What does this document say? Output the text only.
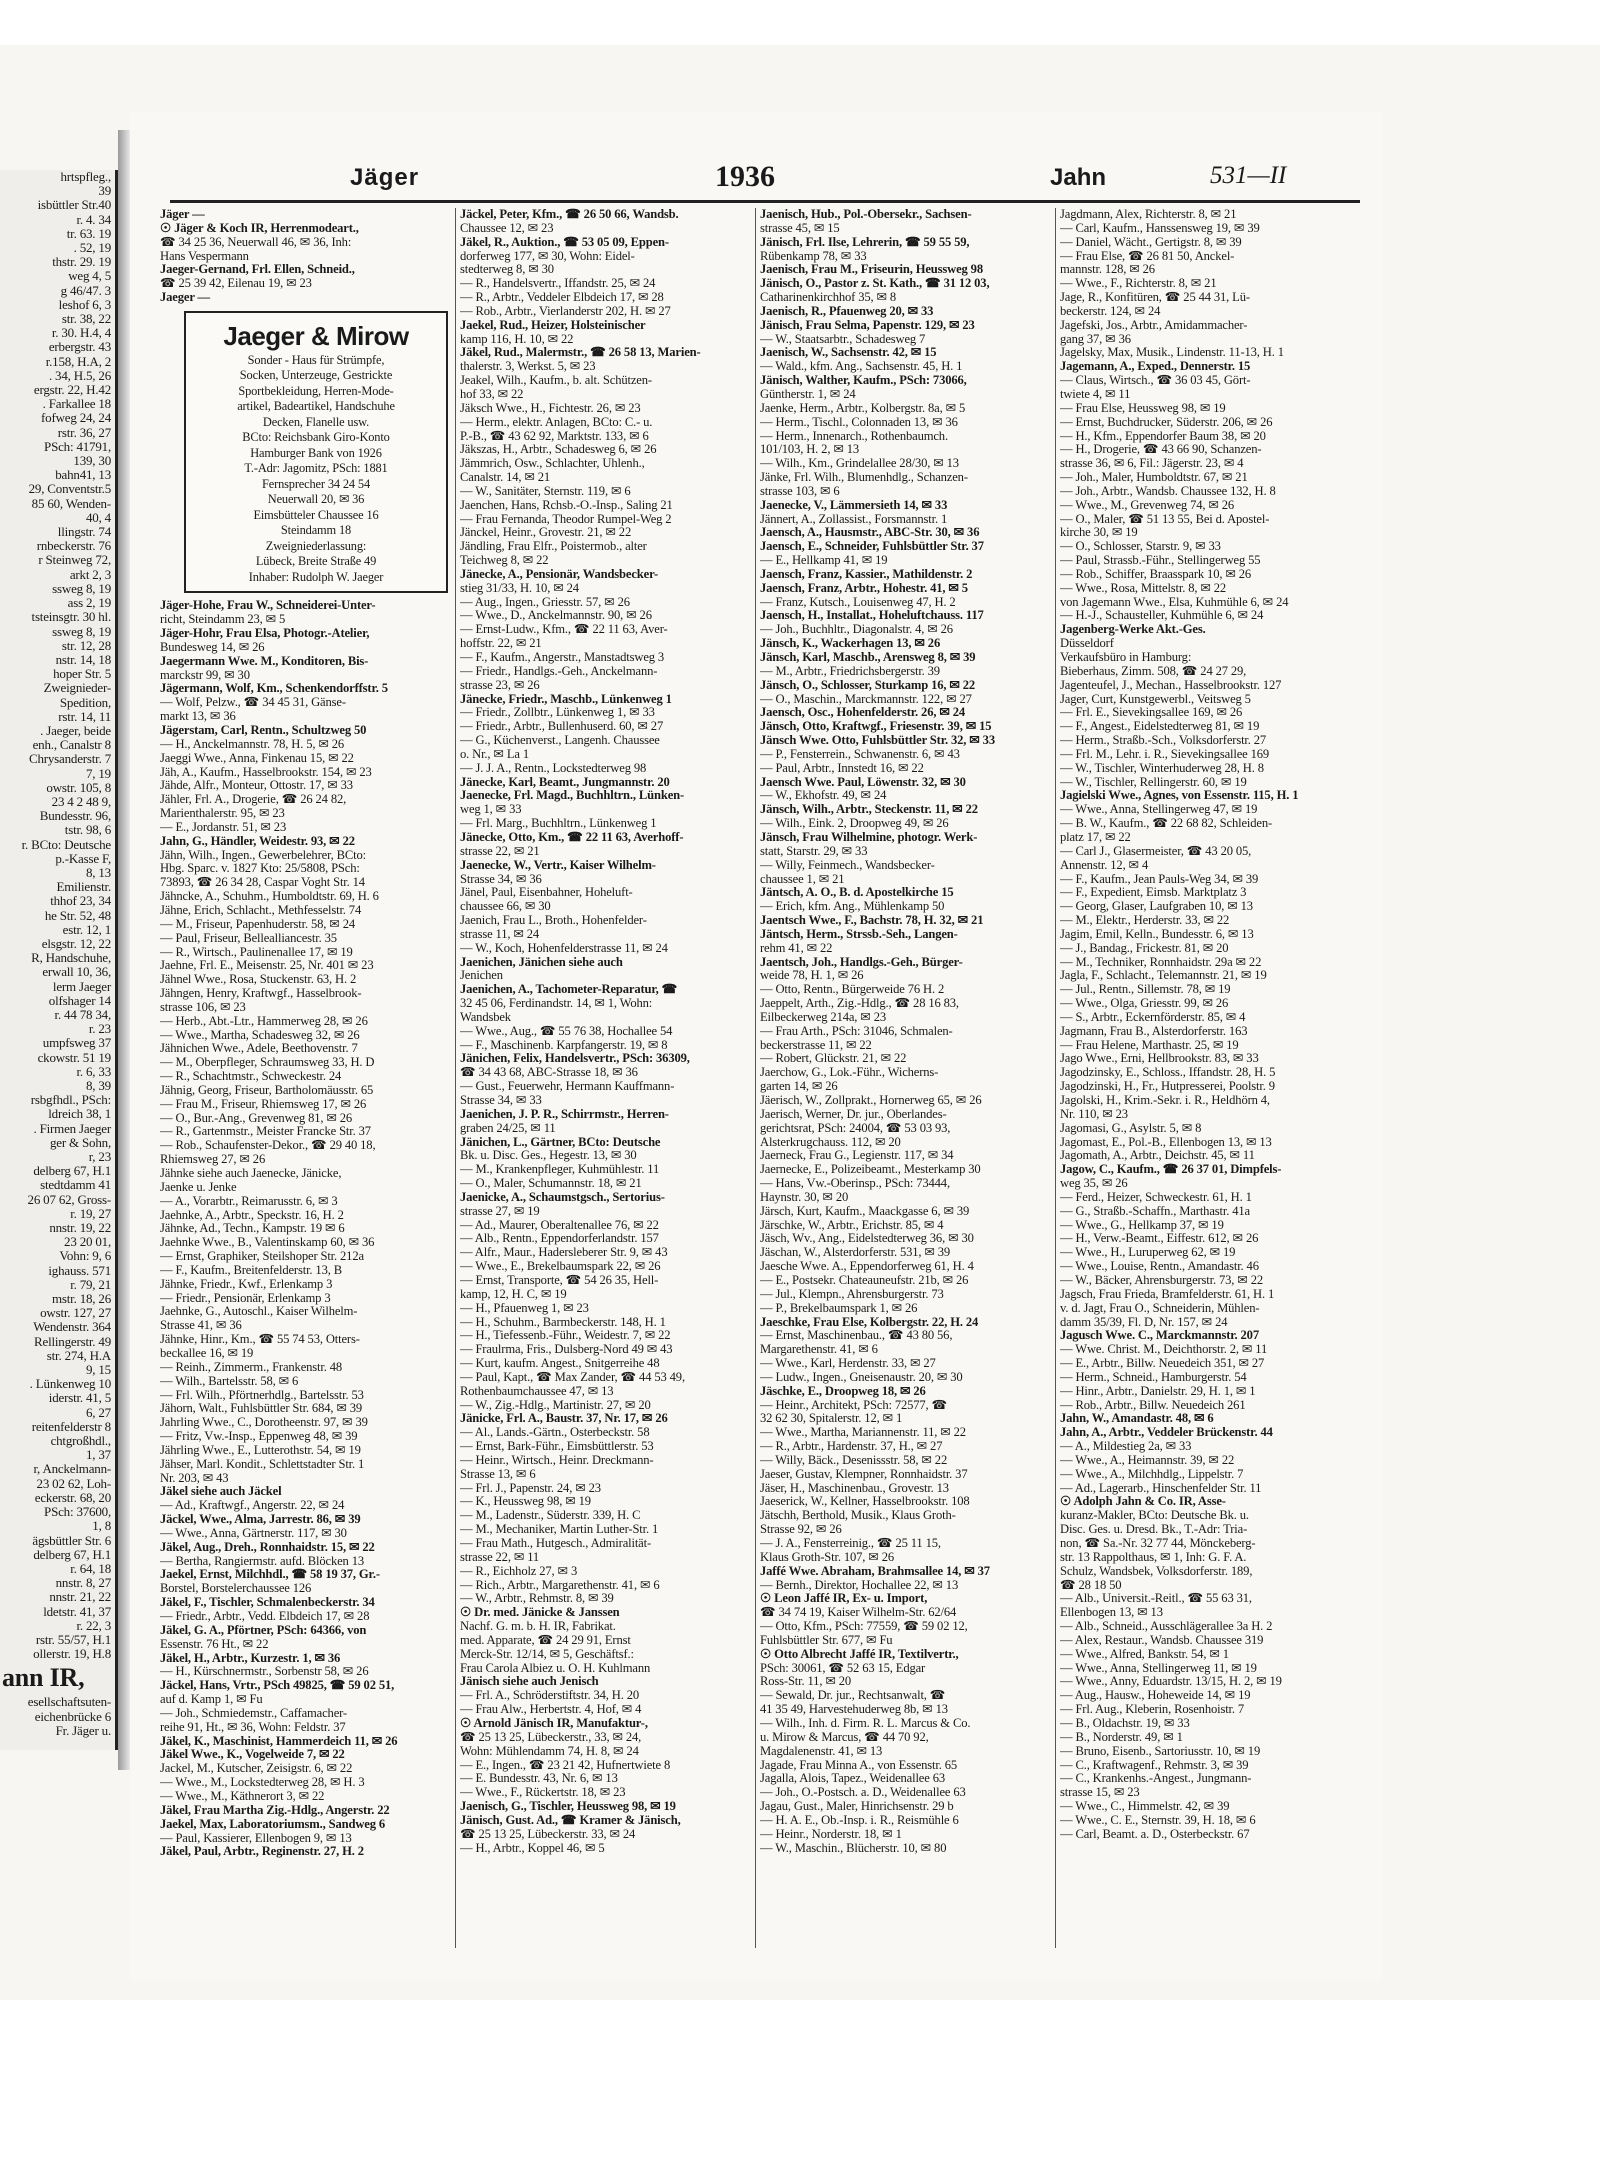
hrtspfleg.,
39
isbüttler Str.40
r. 4. 34
tr. 63. 19
. 52, 19
thstr. 29. 19
weg 4, 5
g 46/47. 3
leshof 6, 3
str. 38, 22
r. 30. H.4, 4
erbergstr. 43
r.158, H.A, 2
. 34, H.5, 26
ergstr. 22, H.42
. Farkallee 18
fofweg 24, 24
rstr. 36, 27
PSch: 41791,
139, 30
bahn41, 13
29, Conventstr.5
85 60, Wenden-
40, 4
llingstr. 74
rnbeckerstr. 76
r Steinweg 72,
arkt 2, 3
ssweg 8, 19
ass 2, 19
tsteinsgtr. 30 hl.
ssweg 8, 19
str. 12, 28
nstr. 14, 18
hoper Str. 5
Zweignieder-
Spedition,
rstr. 14, 11
. Jaeger, beide
enh., Canalstr 8
Chrysanderstr. 7
7, 19
owstr. 105, 8
23 4 2 48 9,
Bundesstr. 96,
tstr. 98, 6
r. BCto: Deutsche
p.-Kasse F,
8, 13
Emilienstr.
thhof 23, 34
he Str. 52, 48
estr. 12, 1
elsgstr. 12, 22
R, Handschuhe,
erwall 10, 36,
lerm Jaeger
olfshager 14
r. 44 78 34,
r. 23
umpfsweg 37
ckowstr. 51 19
r. 6, 33
8, 39
rsbgfhdl., PSch:
ldreich 38, 1
. Firmen Jaeger
ger & Sohn,
r, 23
delberg 67, H.1
stedtdamm 41
26 07 62, Gross-
r. 19, 27
nnstr. 19, 22
23 20 01,
Vohn: 9, 6
ighauss. 571
r. 79, 21
mstr. 18, 26
owstr. 127, 27
Wendenstr. 364
Rellingerstr. 49
str. 274, H.A
9, 15
. Lünkenweg 10
iderstr. 41, 5
6, 27
reitenfelderstr 8
chtgroßhdl.,
1, 37
r, Anckelmann-
23 02 62, Loh-
eckerstr. 68, 20
PSch: 37600,
1, 8
ägsbüttler Str. 6
delberg 67, H.1
r. 64, 18
nnstr. 8, 27
nnstr. 21, 22
ldetstr. 41, 37
r. 22, 3
rstr. 55/57, H.1
ollerstr. 19, H.8
ann IR,
esellschaftsuten-
eichenbrücke 6
Fr. Jäger u.
Jäger	1936	Jahn	531—II
Jäger —
☉ Jäger & Koch IR, Herrenmodeart.,
☎ 34 25 36, Neuerwall 46, ✉ 36, Inh:
Hans Vespermann
Jaeger-Gernand, Frl. Ellen, Schneid.,
☎ 25 39 42, Eilenau 19, ✉ 23
Jaeger —
Jaeger & Mirow
Sonder - Haus für Strümpfe,
Socken, Unterzeuge, Gestrickte
Sportbekleidung, Herren-Mode-
artikel, Badeartikel, Handschuhe
Decken, Flanelle usw.
BCto: Reichsbank Giro-Konto
Hamburger Bank von 1926
T.-Adr: Jagomitz, PSch: 1881
Fernsprecher 34 24 54
Neuerwall 20, ✉ 36
Eimsbütteler Chaussee 16
Steindamm 18
Zweigniederlassung:
Lübeck, Breite Straße 49
Inhaber: Rudolph W. Jaeger
Jäger-Hohe, Frau W., Schneiderei-Unter-
richt, Steindamm 23, ✉ 5
Jäger-Hohr, Frau Elsa, Photogr.-Atelier,
Bundesweg 14, ✉ 26
Jaegermann Wwe. M., Konditoren, Bis-
marckstr 99, ✉ 30
Jägermann, Wolf, Km., Schenkendorffstr. 5
— Wolf, Pelzw., ☎ 34 45 31, Gänse-
markt 13, ✉ 36
Jägerstam, Carl, Rentn., Schultzweg 50
— H., Anckelmannstr. 78, H. 5, ✉ 26
Jaeggi Wwe., Anna, Finkenau 15, ✉ 22
Jäh, A., Kaufm., Hasselbrookstr. 154, ✉ 23
Jähde, Alfr., Monteur, Ottostr. 17, ✉ 33
Jähler, Frl. A., Drogerie, ☎ 26 24 82,
Marienthalerstr. 95, ✉ 23
— E., Jordanstr. 51, ✉ 23
Jahn, G., Händler, Weidestr. 93, ✉ 22
Jähn, Wilh., Ingen., Gewerbelehrer, BCto:
Hbg. Sparc. v. 1827 Kto: 25/5808, PSch:
73893, ☎ 26 34 28, Caspar Voght Str. 14
Jähncke, A., Schuhm., Humboldtstr. 69, H. 6
Jähne, Erich, Schlacht., Methfesselstr. 74
— M., Friseur, Papenhuderstr. 58, ✉ 24
— Paul, Friseur, Bellealliancestr. 35
— R., Wirtsch., Paulinenallee 17, ✉ 19
Jaehne, Frl. E., Meisenstr. 25, Nr. 401 ✉ 23
Jähnel Wwe., Rosa, Stuckenstr. 63, H. 2
Jähngen, Henry, Kraftwgf., Hasselbrook-
strasse 106, ✉ 23
— Herb., Abt.-Ltr., Hammerweg 28, ✉ 26
— Wwe., Martha, Schadesweg 32, ✉ 26
Jähnichen Wwe., Adele, Beethovenstr. 7
— M., Oberpfleger, Schraumsweg 33, H. D
— R., Schachtmstr., Schweckestr. 24
Jähnig, Georg, Friseur, Bartholomäusstr. 65
— Frau M., Friseur, Rhiemsweg 17, ✉ 26
— O., Bur.-Ang., Grevenweg 81, ✉ 26
— R., Gartenmstr., Meister Francke Str. 37
— Rob., Schaufenster-Dekor., ☎ 29 40 18,
Rhiemsweg 27, ✉ 26
Jähnke siehe auch Jaenecke, Jänicke,
Jaenke u. Jenke
— A., Vorarbtr., Reimarusstr. 6, ✉ 3
Jaehnke, A., Arbtr., Speckstr. 16, H. 2
Jähnke, Ad., Techn., Kampstr. 19 ✉ 6
Jaehnke Wwe., B., Valentinskamp 60, ✉ 36
— Ernst, Graphiker, Steilshoper Str. 212a
— F., Kaufm., Breitenfelderstr. 13, B
Jähnke, Friedr., Kwf., Erlenkamp 3
— Friedr., Pensionär, Erlenkamp 3
Jaehnke, G., Autoschl., Kaiser Wilhelm-
Strasse 41, ✉ 36
Jähnke, Hinr., Km., ☎ 55 74 53, Otters-
beckallee 16, ✉ 19
— Reinh., Zimmerm., Frankenstr. 48
— Wilh., Bartelsstr. 58, ✉ 6
— Frl. Wilh., Pförtnerhdlg., Bartelsstr. 53
Jähorn, Walt., Fuhlsbüttler Str. 684, ✉ 39
Jahrling Wwe., C., Dorotheenstr. 97, ✉ 39
— Fritz, Vw.-Insp., Eppenweg 48, ✉ 39
Jährling Wwe., E., Lutterothstr. 54, ✉ 19
Jähser, Marl. Kondit., Schlettstadter Str. 1
Nr. 203, ✉ 43
Jäkel siehe auch Jäckel
— Ad., Kraftwgf., Angerstr. 22, ✉ 24
Jäckel, Wwe., Alma, Jarrestr. 86, ✉ 39
— Wwe., Anna, Gärtnerstr. 117, ✉ 30
Jäkel, Aug., Dreh., Ronnhaidstr. 15, ✉ 22
— Bertha, Rangiermstr. aufd. Blöcken 13
Jaekel, Ernst, Milchhdl., ☎ 58 19 37, Gr.-
Borstel, Borstelerchaussee 126
Jäkel, F., Tischler, Schmalenbeckerstr. 34
— Friedr., Arbtr., Vedd. Elbdeich 17, ✉ 28
Jäkel, G. A., Pförtner, PSch: 64366, von
Essenstr. 76 Ht., ✉ 22
Jäkel, H., Arbtr., Kurzestr. 1, ✉ 36
— H., Kürschnermstr., Sorbenstr 58, ✉ 26
Jäckel, Hans, Vrtr., PSch 49825, ☎ 59 02 51,
auf d. Kamp 1, ✉ Fu
— Joh., Schmiedemstr., Caffamacher-
reihe 91, Ht., ✉ 36, Wohn: Feldstr. 37
Jäkel, K., Maschinist, Hammerdeich 11, ✉ 26
Jäkel Wwe., K., Vogelweide 7, ✉ 22
Jackel, M., Kutscher, Zeisigstr. 6, ✉ 22
— Wwe., M., Lockstedterweg 28, ✉ H. 3
— Wwe., M., Käthnerort 3, ✉ 22
Jäkel, Frau Martha Zig.-Hdlg., Angerstr. 22
Jaekel, Max, Laboratoriumsm., Sandweg 6
— Paul, Kassierer, Ellenbogen 9, ✉ 13
Jäkel, Paul, Arbtr., Reginenstr. 27, H. 2
Jäckel, Peter, Kfm., ☎ 26 50 66, Wandsb.
Chaussee 12, ✉ 23
Jäkel, R., Auktion., ☎ 53 05 09, Eppen-
dorferweg 177, ✉ 30, Wohn: Eidel-
stedterweg 8, ✉ 30
— R., Handelsvertr., Iffandstr. 25, ✉ 24
— R., Arbtr., Veddeler Elbdeich 17, ✉ 28
— Rob., Arbtr., Vierlanderstr 202, H. ✉ 27
Jaekel, Rud., Heizer, Holsteinischer
kamp 116, H. 10, ✉ 22
Jäkel, Rud., Malermstr., ☎ 26 58 13, Marien-
thalerstr. 3, Werkst. 5, ✉ 23
Jeakel, Wilh., Kaufm., b. alt. Schützen-
hof 33, ✉ 22
Jäksch Wwe., H., Fichtestr. 26, ✉ 23
— Herm., elektr. Anlagen, BCto: C.- u.
P.-B., ☎ 43 62 92, Marktstr. 133, ✉ 6
Jäkszas, H., Arbtr., Schadesweg 6, ✉ 26
Jämmrich, Osw., Schlachter, Uhlenh.,
Canalstr. 14, ✉ 21
— W., Sanitäter, Sternstr. 119, ✉ 6
Jaenchen, Hans, Rchsb.-O.-Insp., Saling 21
— Frau Fernanda, Theodor Rumpel-Weg 2
Jänckel, Heinr., Grovestr. 21, ✉ 22
Jändling, Frau Elfr., Poistermob., alter
Teichweg 8, ✉ 22
Jänecke, A., Pensionär, Wandsbecker-
stieg 31/33, H. 10, ✉ 24
— Aug., Ingen., Griesstr. 57, ✉ 26
— Wwe., D., Anckelmannstr. 90, ✉ 26
— Ernst-Ludw., Kfm., ☎ 22 11 63, Aver-
hoffstr. 22, ✉ 21
— F., Kaufm., Angerstr., Manstadtsweg 3
— Friedr., Handlgs.-Geh., Anckelmann-
strasse 23, ✉ 26
Jänecke, Friedr., Maschb., Lünkenweg 1
— Friedr., Zollbtr., Lünkenweg 1, ✉ 33
— Friedr., Arbtr., Bullenhuserd. 60, ✉ 27
— G., Küchenverst., Langenh. Chaussee
o. Nr., ✉ La 1
— J. J. A., Rentn., Lockstedterweg 98
Jänecke, Karl, Beamt., Jungmannstr. 20
Jaenecke, Frl. Magd., Buchhltrn., Lünken-
weg 1, ✉ 33
— Frl. Marg., Buchhltrn., Lünkenweg 1
Jänecke, Otto, Km., ☎ 22 11 63, Averhoff-
strasse 22, ✉ 21
Jaenecke, W., Vertr., Kaiser Wilhelm-
Strasse 34, ✉ 36
Jänel, Paul, Eisenbahner, Hoheluft-
chaussee 66, ✉ 30
Jaenich, Frau L., Broth., Hohenfelder-
strasse 11, ✉ 24
— W., Koch, Hohenfelderstrasse 11, ✉ 24
Jaenichen, Jänichen siehe auch
Jenichen
Jaenichen, A., Tachometer-Reparatur, ☎
32 45 06, Ferdinandstr. 14, ✉ 1, Wohn:
Wandsbek
— Wwe., Aug., ☎ 55 76 38, Hochallee 54
— F., Maschinenb. Karpfangerstr. 19, ✉ 8
Jänichen, Felix, Handelsvertr., PSch: 36309,
☎ 34 43 68, ABC-Strasse 18, ✉ 36
— Gust., Feuerwehr, Hermann Kauffmann-
Strasse 34, ✉ 33
Jaenichen, J. P. R., Schirrmstr., Herren-
graben 24/25, ✉ 11
Jänichen, L., Gärtner, BCto: Deutsche
Bk. u. Disc. Ges., Hegestr. 13, ✉ 30
— M., Krankenpfleger, Kuhmühlestr. 11
— O., Maler, Schumannstr. 18, ✉ 21
Jaenicke, A., Schaumstgsch., Sertorius-
strasse 27, ✉ 19
— Ad., Maurer, Oberaltenallee 76, ✉ 22
— Alb., Rentn., Eppendorferlandstr. 157
— Alfr., Maur., Hadersleberer Str. 9, ✉ 43
— Wwe., E., Brekelbaumspark 22, ✉ 26
— Ernst, Transporte, ☎ 54 26 35, Hell-
kamp, 12, H. C, ✉ 19
— H., Pfauenweg 1, ✉ 23
— H., Schuhm., Barmbeckerstr. 148, H. 1
— H., Tiefessenb.-Führ., Weidestr. 7, ✉ 22
— Fraulrma, Fris., Dulsberg-Nord 49 ✉ 43
— Kurt, kaufm. Angest., Snitgerreihe 48
— Paul, Kapt., ☎ Max Zander, ☎ 44 53 49,
Rothenbaumchaussee 47, ✉ 13
— W., Zig.-Hdlg., Martinistr. 27, ✉ 20
Jänicke, Frl. A., Baustr. 37, Nr. 17, ✉ 26
— Al., Lands.-Gärtn., Osterbeckstr. 58
— Ernst, Bark-Führ., Eimsbüttlerstr. 53
— Heinr., Wirtsch., Heinr. Dreckmann-
Strasse 13, ✉ 6
— Frl. J., Papenstr. 24, ✉ 23
— K., Heussweg 98, ✉ 19
— M., Ladenstr., Süderstr. 339, H. C
— M., Mechaniker, Martin Luther-Str. 1
— Frau Math., Hutgesch., Admiralität-
strasse 22, ✉ 11
— R., Eichholz 27, ✉ 3
— Rich., Arbtr., Margarethenstr. 41, ✉ 6
— W., Arbtr., Rehmstr. 8, ✉ 39
☉ Dr. med. Jänicke & Janssen
Nachf. G. m. b. H. IR, Fabrikat.
med. Apparate, ☎ 24 29 91, Ernst
Merck-Str. 12/14, ✉ 5, Geschäftsf.:
Frau Carola Albiez u. O. H. Kuhlmann
Jänisch siehe auch Jenisch
— Frl. A., Schröderstiftstr. 34, H. 20
— Frau Alw., Herbertstr. 4, Hof, ✉ 4
☉ Arnold Jänisch IR, Manufaktur-,
☎ 25 13 25, Lübeckerstr., 33, ✉ 24,
Wohn: Mühlendamm 74, H. 8, ✉ 24
— E., Ingen., ☎ 23 21 42, Hufnertwiete 8
— E. Bundesstr. 43, Nr. 6, ✉ 13
— Wwe., F., Rückertstr. 18, ✉ 23
Jaenisch, G., Tischler, Heussweg 98, ✉ 19
Jänisch, Gust. Ad., ☎ Kramer & Jänisch,
☎ 25 13 25, Lübeckerstr. 33, ✉ 24
— H., Arbtr., Koppel 46, ✉ 5
Jaenisch, Hub., Pol.-Obersekr., Sachsen-
strasse 45, ✉ 15
Jänisch, Frl. Ilse, Lehrerin, ☎ 59 55 59,
Rübenkamp 78, ✉ 33
Jaenisch, Frau M., Friseurin, Heussweg 98
Jänisch, O., Pastor z. St. Kath., ☎ 31 12 03,
Catharinenkirchhof 35, ✉ 8
Jaenisch, R., Pfauenweg 20, ✉ 33
Jänisch, Frau Selma, Papenstr. 129, ✉ 23
— W., Staatsarbtr., Schadesweg 7
Jaenisch, W., Sachsenstr. 42, ✉ 15
— Wald., kfm. Ang., Sachsenstr. 45, H. 1
Jänisch, Walther, Kaufm., PSch: 73066,
Güntherstr. 1, ✉ 24
Jaenke, Herm., Arbtr., Kolbergstr. 8a, ✉ 5
— Herm., Tischl., Colonnaden 13, ✉ 36
— Herm., Innenarch., Rothenbaumch.
101/103, H. 2, ✉ 13
— Wilh., Km., Grindelallee 28/30, ✉ 13
Jänke, Frl. Wilh., Blumenhdlg., Schanzen-
strasse 103, ✉ 6
Jaenecke, V., Lämmersieth 14, ✉ 33
Jännert, A., Zollassist., Forsmannstr. 1
Jaensch, A., Hausmstr., ABC-Str. 30, ✉ 36
Jaensch, E., Schneider, Fuhlsbüttler Str. 37
— E., Hellkamp 41, ✉ 19
Jaensch, Franz, Kassier., Mathildenstr. 2
Jaensch, Franz, Arbtr., Hohestr. 41, ✉ 5
— Franz, Kutsch., Louisenweg 47, H. 2
Jaensch, H., Installat., Hoheluftchauss. 117
— Joh., Buchhltr., Diagonalstr. 4, ✉ 26
Jänsch, K., Wackerhagen 13, ✉ 26
Jänsch, Karl, Maschb., Arensweg 8, ✉ 39
— M., Arbtr., Friedrichsbergerstr. 39
Jänsch, O., Schlosser, Sturkamp 16, ✉ 22
— O., Maschin., Marckmannstr. 122, ✉ 27
Jaensch, Osc., Hohenfelderstr. 26, ✉ 24
Jänsch, Otto, Kraftwgf., Friesenstr. 39, ✉ 15
Jänsch Wwe. Otto, Fuhlsbüttler Str. 32, ✉ 33
— P., Fensterrein., Schwanenstr. 6, ✉ 43
— Paul, Arbtr., Innstedt 16, ✉ 22
Jaensch Wwe. Paul, Löwenstr. 32, ✉ 30
— W., Ekhofstr. 49, ✉ 24
Jänsch, Wilh., Arbtr., Steckenstr. 11, ✉ 22
— Wilh., Eink. 2, Droopweg 49, ✉ 26
Jänsch, Frau Wilhelmine, photogr. Werk-
statt, Starstr. 29, ✉ 33
— Willy, Feinmech., Wandsbecker-
chaussee 1, ✉ 21
Jäntsch, A. O., B. d. Apostelkirche 15
— Erich, kfm. Ang., Mühlenkamp 50
Jaentsch Wwe., F., Bachstr. 78, H. 32, ✉ 21
Jäntsch, Herm., Strssb.-Seh., Langen-
rehm 41, ✉ 22
Jaentsch, Joh., Handlgs.-Geh., Bürger-
weide 78, H. 1, ✉ 26
— Otto, Rentn., Bürgerweide 76 H. 2
Jaeppelt, Arth., Zig.-Hdlg., ☎ 28 16 83,
Eilbeckerweg 214a, ✉ 23
— Frau Arth., PSch: 31046, Schmalen-
beckerstrasse 11, ✉ 22
— Robert, Glückstr. 21, ✉ 22
Jaerchow, G., Lok.-Führ., Wicherns-
garten 14, ✉ 26
Jäerisch, W., Zollprakt., Hornerweg 65, ✉ 26
Jaerisch, Werner, Dr. jur., Oberlandes-
gerichtsrat, PSch: 24004, ☎ 53 03 93,
Alsterkrugchauss. 112, ✉ 20
Jaerneck, Frau G., Legienstr. 117, ✉ 34
Jaernecke, E., Polizeibeamt., Mesterkamp 30
— Hans, Vw.-Oberinsp., PSch: 73444,
Haynstr. 30, ✉ 20
Järsch, Kurt, Kaufm., Maackgasse 6, ✉ 39
Järschke, W., Arbtr., Erichstr. 85, ✉ 4
Jäsch, Wv., Ang., Eidelstedterweg 36, ✉ 30
Jäschan, W., Alsterdorferstr. 531, ✉ 39
Jaesche Wwe. A., Eppendorferweg 61, H. 4
— E., Postsekr. Chateauneufstr. 21b, ✉ 26
— Jul., Klempn., Ahrensburgerstr. 73
— P., Brekelbaumspark 1, ✉ 26
Jaeschke, Frau Else, Kolbergstr. 22, H. 24
— Ernst, Maschinenbau., ☎ 43 80 56,
Margarethenstr. 41, ✉ 6
— Wwe., Karl, Herdenstr. 33, ✉ 27
— Ludw., Ingen., Gneisenaustr. 20, ✉ 30
Jäschke, E., Droopweg 18, ✉ 26
— Heinr., Architekt, PSch: 72577, ☎
32 62 30, Spitalerstr. 12, ✉ 1
— Wwe., Martha, Mariannenstr. 11, ✉ 22
— R., Arbtr., Hardenstr. 37, H., ✉ 27
— Willy, Bäck., Desenissstr. 58, ✉ 22
Jaeser, Gustav, Klempner, Ronnhaidstr. 37
Jäser, H., Maschinenbau., Grovestr. 13
Jaeserick, W., Kellner, Hasselbrookstr. 108
Jätschh, Berthold, Musik., Klaus Groth-
Strasse 92, ✉ 26
— J. A., Fensterreinig., ☎ 25 11 15,
Klaus Groth-Str. 107, ✉ 26
Jaffé Wwe. Abraham, Brahmsallee 14, ✉ 37
— Bernh., Direktor, Hochallee 22, ✉ 13
☉ Leon Jaffé IR, Ex- u. Import,
☎ 34 74 19, Kaiser Wilhelm-Str. 62/64
— Otto, Kfm., PSch: 77559, ☎ 59 02 12,
Fuhlsbüttler Str. 677, ✉ Fu
☉ Otto Albrecht Jaffé IR, Textilvertr.,
PSch: 30061, ☎ 52 63 15, Edgar
Ross-Str. 11, ✉ 20
— Sewald, Dr. jur., Rechtsanwalt, ☎
41 35 49, Harvestehuderweg 8b, ✉ 13
— Wilh., Inh. d. Firm. R. L. Marcus & Co.
u. Mirow & Marcus, ☎ 44 70 92,
Magdalenenstr. 41, ✉ 13
Jagade, Frau Minna A., von Essenstr. 65
Jagalla, Alois, Tapez., Weidenallee 63
— Joh., O.-Postsch. a. D., Weidenallee 63
Jagau, Gust., Maler, Hinrichsenstr. 29 b
— H. A. E., Ob.-Insp. i. R., Reismühle 6
— Heinr., Norderstr. 18, ✉ 1
— W., Maschin., Blücherstr. 10, ✉ 80
Jagdmann, Alex, Richterstr. 8, ✉ 21
— Carl, Kaufm., Hanssensweg 19, ✉ 39
— Daniel, Wächt., Gertigstr. 8, ✉ 39
— Frau Else, ☎ 26 81 50, Anckel-
mannstr. 128, ✉ 26
— Wwe., F., Richterstr. 8, ✉ 21
Jage, R., Konfitüren, ☎ 25 44 31, Lü-
beckerstr. 124, ✉ 24
Jagefski, Jos., Arbtr., Amidammacher-
gang 37, ✉ 36
Jagelsky, Max, Musik., Lindenstr. 11-13, H. 1
Jagemann, A., Exped., Dennerstr. 15
— Claus, Wirtsch., ☎ 36 03 45, Gört-
twiete 4, ✉ 11
— Frau Else, Heussweg 98, ✉ 19
— Ernst, Buchdrucker, Süderstr. 206, ✉ 26
— H., Kfm., Eppendorfer Baum 38, ✉ 20
— H., Drogerie, ☎ 43 66 90, Schanzen-
strasse 36, ✉ 6, Fil.: Jägerstr. 23, ✉ 4
— Joh., Maler, Humboldtstr. 67, ✉ 21
— Joh., Arbtr., Wandsb. Chaussee 132, H. 8
— Wwe., M., Grevenweg 74, ✉ 26
— O., Maler, ☎ 51 13 55, Bei d. Apostel-
kirche 30, ✉ 19
— O., Schlosser, Starstr. 9, ✉ 33
— Paul, Strassb.-Führ., Stellingerweg 55
— Rob., Schiffer, Braasspark 10, ✉ 26
— Wwe., Rosa, Mittelstr. 8, ✉ 22
von Jagemann Wwe., Elsa, Kuhmühle 6, ✉ 24
— H.-J., Schausteller, Kuhmühle 6, ✉ 24
Jagenberg-Werke Akt.-Ges.
Düsseldorf
Verkaufsbüro in Hamburg:
Bieberhaus, Zimm. 508, ☎ 24 27 29,
Jagenteufel, J., Mechan., Hasselbrookstr. 127
Jager, Curt, Kunstgewerbl., Veitsweg 5
— Frl. E., Sievekingsallee 169, ✉ 26
— F., Angest., Eidelstedterweg 81, ✉ 19
— Herm., Straßb.-Sch., Volksdorferstr. 27
— Frl. M., Lehr. i. R., Sievekingsallee 169
— W., Tischler, Winterhuderweg 28, H. 8
— W., Tischler, Rellingerstr. 60, ✉ 19
Jagielski Wwe., Agnes, von Essenstr. 115, H. 1
— Wwe., Anna, Stellingerweg 47, ✉ 19
— B. W., Kaufm., ☎ 22 68 82, Schleiden-
platz 17, ✉ 22
— Carl J., Glasermeister, ☎ 43 20 05,
Annenstr. 12, ✉ 4
— F., Kaufm., Jean Pauls-Weg 34, ✉ 39
— F., Expedient, Eimsb. Marktplatz 3
— Georg, Glaser, Laufgraben 10, ✉ 13
— M., Elektr., Herderstr. 33, ✉ 22
Jagim, Emil, Kelln., Bundesstr. 6, ✉ 13
— J., Bandag., Frickestr. 81, ✉ 20
— M., Techniker, Ronnhaidstr. 29a ✉ 22
Jagla, F., Schlacht., Telemannstr. 21, ✉ 19
— Jul., Rentn., Sillemstr. 78, ✉ 19
— Wwe., Olga, Griesstr. 99, ✉ 26
— S., Arbtr., Eckernförderstr. 85, ✉ 4
Jagmann, Frau B., Alsterdorferstr. 163
— Frau Helene, Marthastr. 25, ✉ 19
Jago Wwe., Erni, Hellbrookstr. 83, ✉ 33
Jagodzinsky, E., Schloss., Iffandstr. 28, H. 5
Jagodzinski, H., Fr., Hutpresserei, Poolstr. 9
Jagolski, H., Krim.-Sekr. i. R., Heldhörn 4,
Nr. 110, ✉ 23
Jagomasi, G., Asylstr. 5, ✉ 8
Jagomast, E., Pol.-B., Ellenbogen 13, ✉ 13
Jagomath, A., Arbtr., Deichstr. 45, ✉ 11
Jagow, C., Kaufm., ☎ 26 37 01, Dimpfels-
weg 35, ✉ 26
— Ferd., Heizer, Schweckestr. 61, H. 1
— G., Straßb.-Schaffn., Marthastr. 41a
— Wwe., G., Hellkamp 37, ✉ 19
— H., Verw.-Beamt., Eiffestr. 612, ✉ 26
— Wwe., H., Luruperweg 62, ✉ 19
— Wwe., Louise, Rentn., Amandastr. 46
— W., Bäcker, Ahrensburgerstr. 73, ✉ 22
Jagsch, Frau Frieda, Bramfelderstr. 61, H. 1
v. d. Jagt, Frau O., Schneiderin, Mühlen-
damm 35/39, Fl. D, Nr. 157, ✉ 24
Jagusch Wwe. C., Marckmannstr. 207
— Wwe. Christ. M., Deichthorstr. 2, ✉ 11
— E., Arbtr., Billw. Neuedeich 351, ✉ 27
— Herm., Schneid., Hamburgerstr. 54
— Hinr., Arbtr., Danielstr. 29, H. 1, ✉ 1
— Rob., Arbtr., Billw. Neuedeich 261
Jahn, W., Amandastr. 48, ✉ 6
Jahn, A., Arbtr., Veddeler Brückenstr. 44
— A., Mildestieg 2a, ✉ 33
— Wwe., A., Heimannstr. 39, ✉ 22
— Wwe., A., Milchhdlg., Lippelstr. 7
— Ad., Lagerarb., Hinschenfelder Str. 11
☉ Adolph Jahn & Co. IR, Asse-
kuranz-Makler, BCto: Deutsche Bk. u.
Disc. Ges. u. Dresd. Bk., T.-Adr: Tria-
non, ☎ Sa.-Nr. 32 77 44, Mönckeberg-
str. 13 Rappolthaus, ✉ 1, Inh: G. F. A.
Schulz, Wandsbek, Volksdorferstr. 189,
☎ 28 18 50
— Alb., Universit.-Reitl., ☎ 55 63 31,
Ellenbogen 13, ✉ 13
— Alb., Schneid., Ausschlägerallee 3a H. 2
— Alex, Restaur., Wandsb. Chaussee 319
— Wwe., Alfred, Bankstr. 54, ✉ 1
— Wwe., Anna, Stellingerweg 11, ✉ 19
— Wwe., Anny, Eduardstr. 13/15, H. 2, ✉ 19
— Aug., Hausw., Hoheweide 14, ✉ 19
— Frl. Aug., Kleberin, Rosenhoistr. 7
— B., Oldachstr. 19, ✉ 33
— B., Norderstr. 49, ✉ 1
— Bruno, Eisenb., Sartoriusstr. 10, ✉ 19
— C., Kraftwagenf., Rehmstr. 3, ✉ 39
— C., Krankenhs.-Angest., Jungmann-
strasse 15, ✉ 23
— Wwe., C., Himmelstr. 42, ✉ 39
— Wwe., C. E., Sternstr. 39, H. 18, ✉ 6
— Carl, Beamt. a. D., Osterbeckstr. 67
